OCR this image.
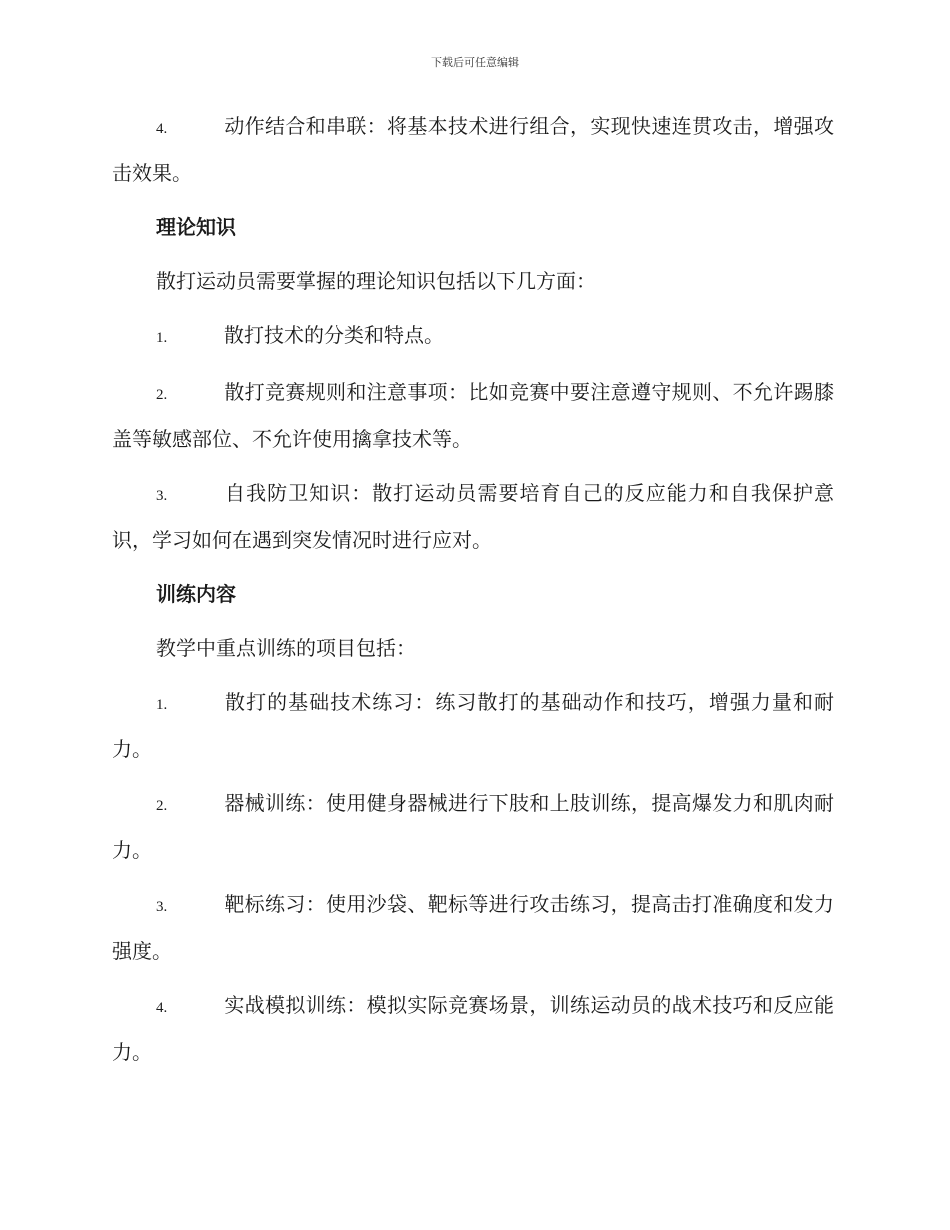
下载后可任意编辑
4.	动作结合和串联：将基本技术进行组合，实现快速连贯攻击，增强攻击效果。
理论知识
散打运动员需要掌握的理论知识包括以下几方面：
1.	散打技术的分类和特点。
2.	散打竞赛规则和注意事项：比如竞赛中要注意遵守规则、不允许踢膝盖等敏感部位、不允许使用擒拿技术等。
3.	自我防卫知识：散打运动员需要培育自己的反应能力和自我保护意识，学习如何在遇到突发情况时进行应对。
训练内容
教学中重点训练的项目包括：
1.	散打的基础技术练习：练习散打的基础动作和技巧，增强力量和耐力。
2.	器械训练：使用健身器械进行下肢和上肢训练，提高爆发力和肌肉耐力。
3.	靶标练习：使用沙袋、靶标等进行攻击练习，提高击打准确度和发力强度。
4.	实战模拟训练：模拟实际竞赛场景，训练运动员的战术技巧和反应能力。
